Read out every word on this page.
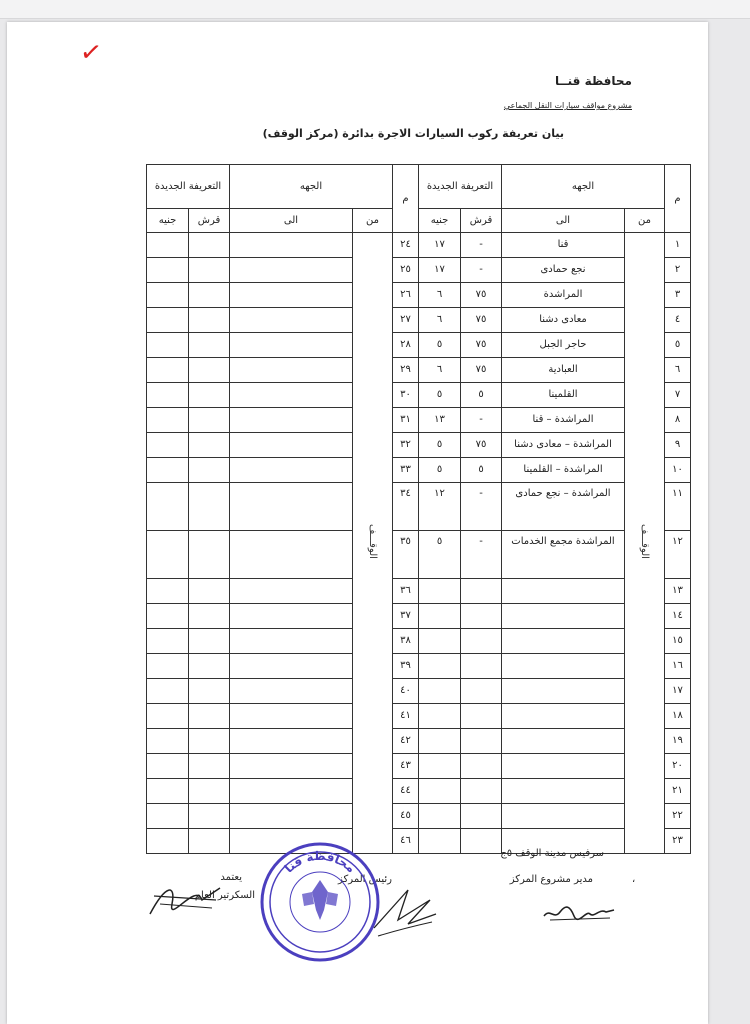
✓
محافظة قنــا
مشروع مواقف سيارات النقل الجماعي
بيان تعريفة ركوب السيارات الاجرة بدائرة (مركز الوقف)
م	الجهه		التعريفة الجديدة		م	الجهه		التعريفة الجديدة	
	من	الى	قرش	جنيه		من	الى	قرش	جنيه

١	الوقـــف	قنا	-	١٧	٢٤	الوقـــف	

٢		نجع حمادى	-	١٧	٢٥				

٣		المراشدة	٧٥	٦	٢٦				

٤		معادى دشنا	٧٥	٦	٢٧				

٥		حاجر الجبل	٧٥	٥	٢٨				

٦		العبادية	٧٥	٦	٢٩				

٧		القلمينا	٥	٥	٣٠				

٨		المراشدة – قنا	-	١٣	٣١				

٩		المراشدة – معادى دشنا	٧٥	٥	٣٢				

١٠		المراشدة – القلمينا	٥	٥	٣٣				

١١		المراشدة – نجع حمادى	-	١٢	٣٤				

١٢		المراشدة مجمع الخدمات	-	٥	٣٥				

١٣					٣٦				

١٤					٣٧				

١٥					٣٨				

١٦					٣٩				

١٧					٤٠				

١٨					٤١				

١٩					٤٢				

٢٠					٤٣				

٢١					٤٤				

٢٢					٤٥				

٢٣					٤٦				

سرفيس مدينة الوقف ٥ج
مدير مشروع المركز
رئيس المركز
يعتمد
السكرتير العام
،
محافظة قنا
